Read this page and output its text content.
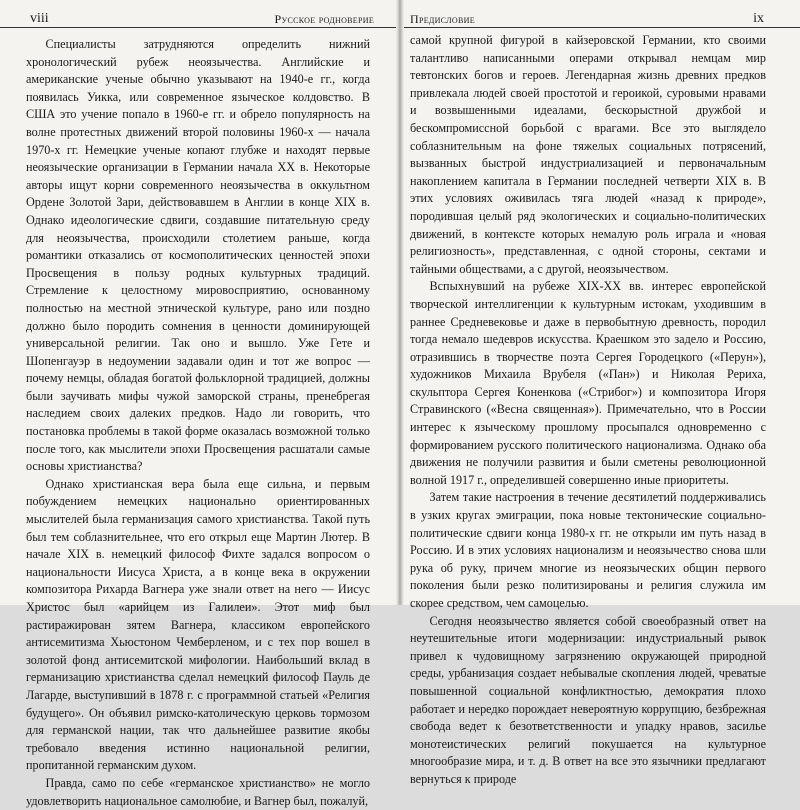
viii	Русское родноверие

Специалисты затрудняются определить нижний хронологический рубеж неоязычества. Английские и американские ученые обычно указывают на 1940-е гг., когда появилась Уикка, или современное языческое колдовство. В США это учение попало в 1960-е гг. и обрело популярность на волне протестных движений второй половины 1960-х — начала 1970-х гг. Немецкие ученые копают глубже и находят первые неоязыческие организации в Германии начала XX в. Некоторые авторы ищут корни современного неоязычества в оккультном Ордене Золотой Зари, действовавшем в Англии в конце XIX в. Однако идеологические сдвиги, создавшие питательную среду для неоязычества, происходили столетием раньше, когда романтики отказались от космополитических ценностей эпохи Просвещения в пользу родных культурных традиций. Стремление к целостному мировосприятию, основанному полностью на местной этнической культуре, рано или поздно должно было породить сомнения в ценности доминирующей универсальной религии. Так оно и вышло. Уже Гете и Шопенгауэр в недоумении задавали один и тот же вопрос — почему немцы, обладая богатой фольклорной традицией, должны были заучивать мифы чужой заморской страны, пренебрегая наследием своих далеких предков. Надо ли говорить, что постановка проблемы в такой форме оказалась возможной только после того, как мыслители эпохи Просвещения расшатали самые основы христианства?

Однако христианская вера была еще сильна, и первым побуждением немецких национально ориентированных мыслителей была германизация самого христианства. Такой путь был тем соблазнительнее, что его открыл еще Мартин Лютер. В начале XIX в. немецкий философ Фихте задался вопросом о национальности Иисуса Христа, а в конце века в окружении композитора Рихарда Вагнера уже знали ответ на него — Иисус Христос был «арийцем из Галилеи». Этот миф был растиражирован зятем Вагнера, классиком европейского антисемитизма Хьюстоном Чемберленом, и с тех пор вошел в золотой фонд антисемитской мифологии. Наибольший вклад в германизацию христианства сделал немецкий философ Пауль де Лагарде, выступивший в 1878 г. с программной статьей «Религия будущего». Он объявил римско-католическую церковь тормозом для германской нации, так что дальнейшее развитие якобы требовало введения истинно национальной религии, пропитанной германским духом.

Правда, само по себе «германское христианство» не могло удовлетворить национальное самолюбие, и Вагнер был, пожалуй,

Предисловие	ix

самой крупной фигурой в кайзеровской Германии, кто своими талантливо написанными операми открывал немцам мир тевтонских богов и героев. Легендарная жизнь древних предков привлекала людей своей простотой и героикой, суровыми нравами и возвышенными идеалами, бескорыстной дружбой и бескомпромиссной борьбой с врагами. Все это выглядело соблазнительным на фоне тяжелых социальных потрясений, вызванных быстрой индустриализацией и первоначальным накоплением капитала в Германии последней четверти XIX в. В этих условиях оживилась тяга людей «назад к природе», породившая целый ряд экологических и социально-политических движений, в контексте которых немалую роль играла и «новая религиозность», представленная, с одной стороны, сектами и тайными обществами, а с другой, неоязычеством.

Вспыхнувший на рубеже XIX-XX вв. интерес европейской творческой интеллигенции к культурным истокам, уходившим в раннее Средневековье и даже в первобытную древность, породил тогда немало шедевров искусства. Краешком это задело и Россию, отразившись в творчестве поэта Сергея Городецкого («Перун»), художников Михаила Врубеля («Пан») и Николая Рериха, скульптора Сергея Коненкова («Стрибог») и композитора Игоря Стравинского («Весна священная»). Примечательно, что в России интерес к языческому прошлому просыпался одновременно с формированием русского политического национализма. Однако оба движения не получили развития и были сметены революционной волной 1917 г., определившей совершенно иные приоритеты.

Затем такие настроения в течение десятилетий поддерживались в узких кругах эмиграции, пока новые тектонические социально-политические сдвиги конца 1980-х гг. не открыли им путь назад в Россию. И в этих условиях национализм и неоязычество снова шли рука об руку, причем многие из неоязыческих общин первого поколения были резко политизированы и религия служила им скорее средством, чем самоцелью.

Сегодня неоязычество является собой своеобразный ответ на неутешительные итоги модернизации: индустриальный рывок привел к чудовищному загрязнению окружающей природной среды, урбанизация создает небывалые скопления людей, чреватые повышенной социальной конфликтностью, демократия плохо работает и нередко порождает невероятную коррупцию, безбрежная свобода ведет к безответственности и упадку нравов, засилье монотеистических религий покушается на культурное многообразие мира, и т. д. В ответ на все это язычники предлагают вернуться к природе
